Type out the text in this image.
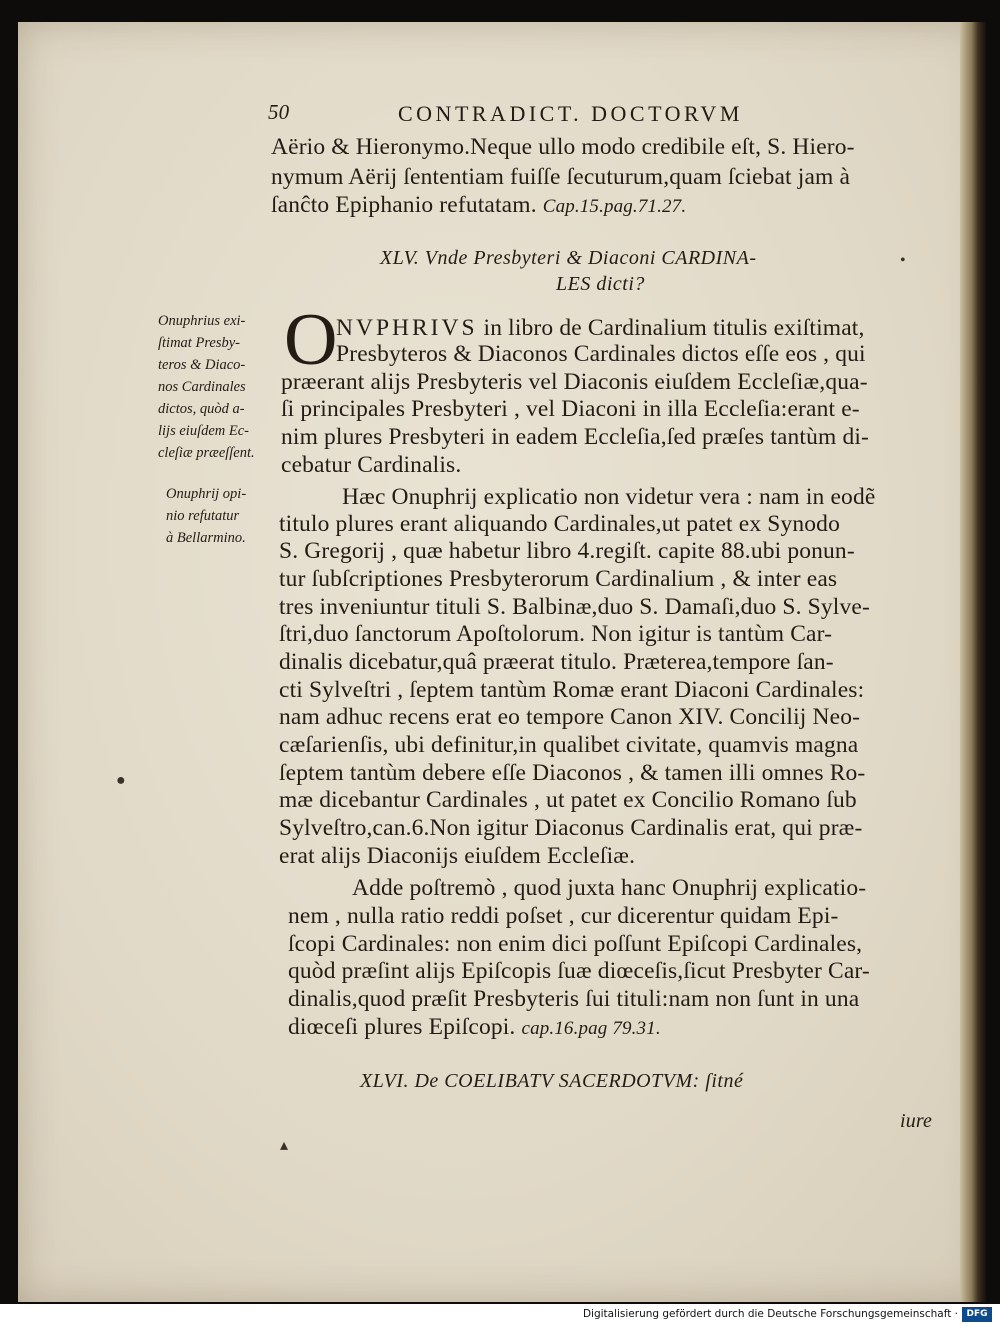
50	CONTRADICT. DOCTORVM
Aërio & Hieronymo.Neque ullo modo credibile eſt, S. Hiero-
nymum Aërij ſententiam fuiſſe ſecuturum,quam ſciebat jam à
ſanĉto Epiphanio refutatam. Cap.15.pag.71.27.
XLV. Vnde Presbyteri & Diaconi CARDINA-
LES dicti?
•
O
NVPHRIVS in libro de Cardinalium titulis exiſtimat,
Presbyteros & Diaconos Cardinales dictos eſſe eos , qui
præerant alijs Presbyteris vel Diaconis eiuſdem Eccleſiæ,qua-
ſi principales Presbyteri , vel Diaconi in illa Eccleſia:erant e-
nim plures Presbyteri in eadem Eccleſia,ſed præſes tantùm di-
cebatur Cardinalis.
Onuphrius exi-
ſtimat Presby-
teros & Diaco-
nos Cardinales
dictos, quòd a-
lijs eiuſdem Ec-
cleſiæ præeſſent.
Onuphrij opi-
nio refutatur
à Bellarmino.
Hæc Onuphrij explicatio non videtur vera : nam in eodẽ
titulo plures erant aliquando Cardinales,ut patet ex Synodo
S. Gregorij , quæ habetur libro 4.regiſt. capite 88.ubi ponun-
tur ſubſcriptiones Presbyterorum Cardinalium , & inter eas
tres inveniuntur tituli S. Balbinæ,duo S. Damaſi,duo S. Sylve-
ſtri,duo ſanctorum Apoſtolorum. Non igitur is tantùm Car-
dinalis dicebatur,quâ præerat titulo. Præterea,tempore ſan-
cti Sylveſtri , ſeptem tantùm Romæ erant Diaconi Cardinales:
nam adhuc recens erat eo tempore Canon XIV. Concilij Neo-
cæſarienſis, ubi definitur,in qualibet civitate, quamvis magna
ſeptem tantùm debere eſſe Diaconos , & tamen illi omnes Ro-
mæ dicebantur Cardinales , ut patet ex Concilio Romano ſub
Sylveſtro,can.6.Non igitur Diaconus Cardinalis erat, qui præ-
erat alijs Diaconijs eiuſdem Eccleſiæ.
Adde poſtremò , quod juxta hanc Onuphrij explicatio-
nem , nulla ratio reddi poſset , cur dicerentur quidam Epi-
ſcopi Cardinales: non enim dici poſſunt Epiſcopi Cardinales,
quòd præſint alijs Epiſcopis ſuæ diœceſis,ſicut Presbyter Car-
dinalis,quod præſit Presbyteris ſui tituli:nam non ſunt in una
diœceſi plures Epiſcopi. cap.16.pag 79.31.
XLVI. De COELIBATV SACERDOTVM: ſitné
iure
●
▴
Digitalisierung gefördert durch die Deutsche Forschungsgemeinschaft · DFG
